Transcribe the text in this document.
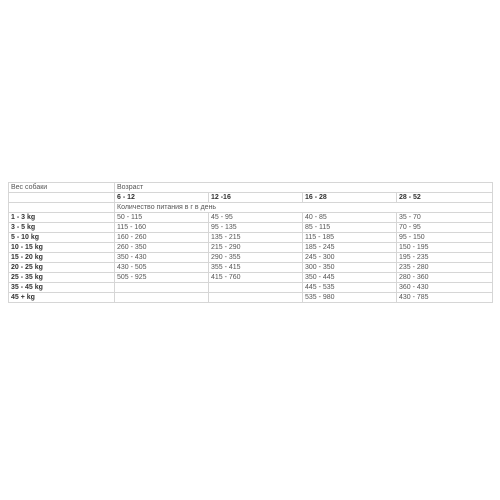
Вес собаки	Возраст			
	6 - 12	12 -16	16 - 28	28 - 52
	Количество питания в г в день			
1 - 3 kg	50 - 115	45 - 95	40 - 85	35 - 70
3 - 5 kg	115 - 160	95 - 135	85 - 115	70 - 95
5 - 10 kg	160 - 260	135 - 215	115 - 185	95 - 150
10 - 15 kg	260 - 350	215 - 290	185 - 245	150 - 195
15 - 20 kg	350 - 430	290 - 355	245 - 300	195 - 235
20 - 25 kg	430 - 505	355 - 415	300 - 350	235 - 280
25 - 35 kg	505 - 925	415 - 760	350 - 445	280 - 360
35 - 45 kg			445 - 535	360 - 430
45 + kg			535 - 980	430 - 785
